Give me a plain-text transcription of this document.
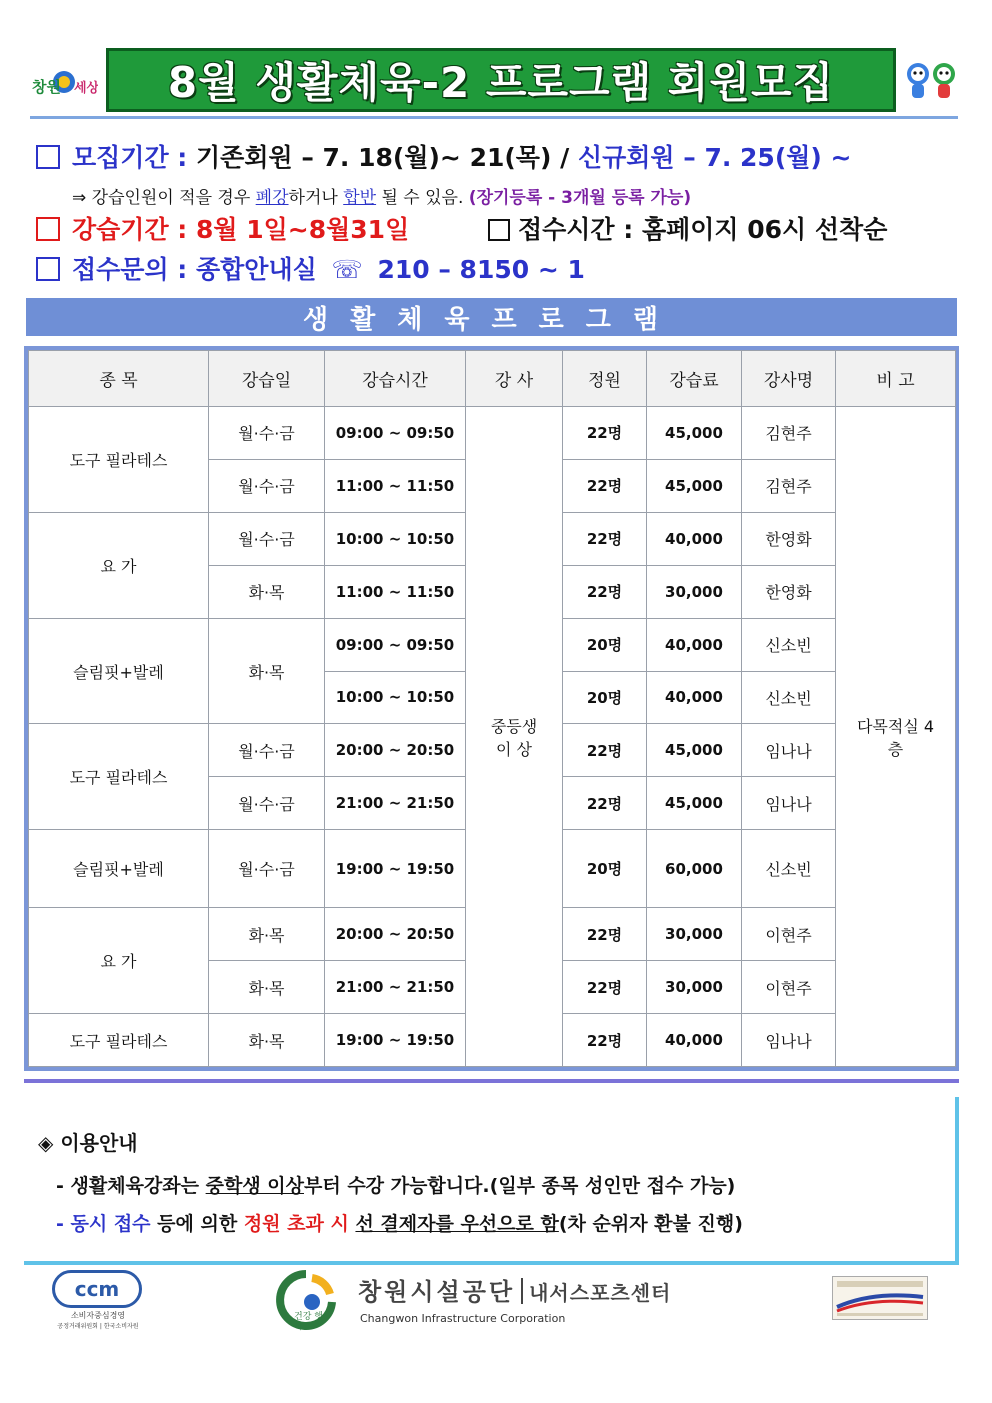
창원 세상 8월 생활체육-2 프로그램 회원모집
모집기간 : 기존회원 – 7. 18(월)~ 21(목) / 신규회원 – 7. 25(월) ~
⇒ 강습인원이 적을 경우 폐강하거나 합반 될 수 있음. (장기등록 - 3개월 등록 가능)
강습기간 : 8월 1일~8월31일	접수시간 : 홈페이지 06시 선착순
접수문의 : 종합안내실 ☏ 210 – 8150 ~ 1
생활체육프로그램
종 목	강습일	강습시간	강 사	정원	강습료	강사명	비 고
도구 필라테스	월·수·금	09:00 ~ 09:50	중등생 이 상	22명	45,000	김현주	다목적실 4층
	월·수·금	11:00 ~ 11:50		22명	45,000	김현주	
요 가	월·수·금	10:00 ~ 10:50		22명	40,000	한영화	
	화·목	11:00 ~ 11:50		22명	30,000	한영화	
슬림핏+발레	화·목	09:00 ~ 09:50		20명	40,000	신소빈	
		10:00 ~ 10:50		20명	40,000	신소빈	
도구 필라테스	월·수·금	20:00 ~ 20:50		22명	45,000	임나나	
	월·수·금	21:00 ~ 21:50		22명	45,000	임나나	
슬림핏+발레	월·수·금	19:00 ~ 19:50		20명	60,000	신소빈	
요 가	화·목	20:00 ~ 20:50		22명	30,000	이현주	
	화·목	21:00 ~ 21:50		22명	30,000	이현주	
도구 필라테스	화·목	19:00 ~ 19:50		22명	40,000	임나나	
◈ 이용안내
- 생활체육강좌는 중학생 이상부터 수강 가능합니다.(일부 종목 성인만 접수 가능)
- 동시 접수 등에 의한 정원 초과 시 선 결제자를 우선으로 함(차 순위자 환불 진행)
ccm
소비자중심경영
공정거래위원회 | 한국소비자원
건강 행복
창원시설공단 내서스포츠센터
Changwon Infrastructure Corporation
